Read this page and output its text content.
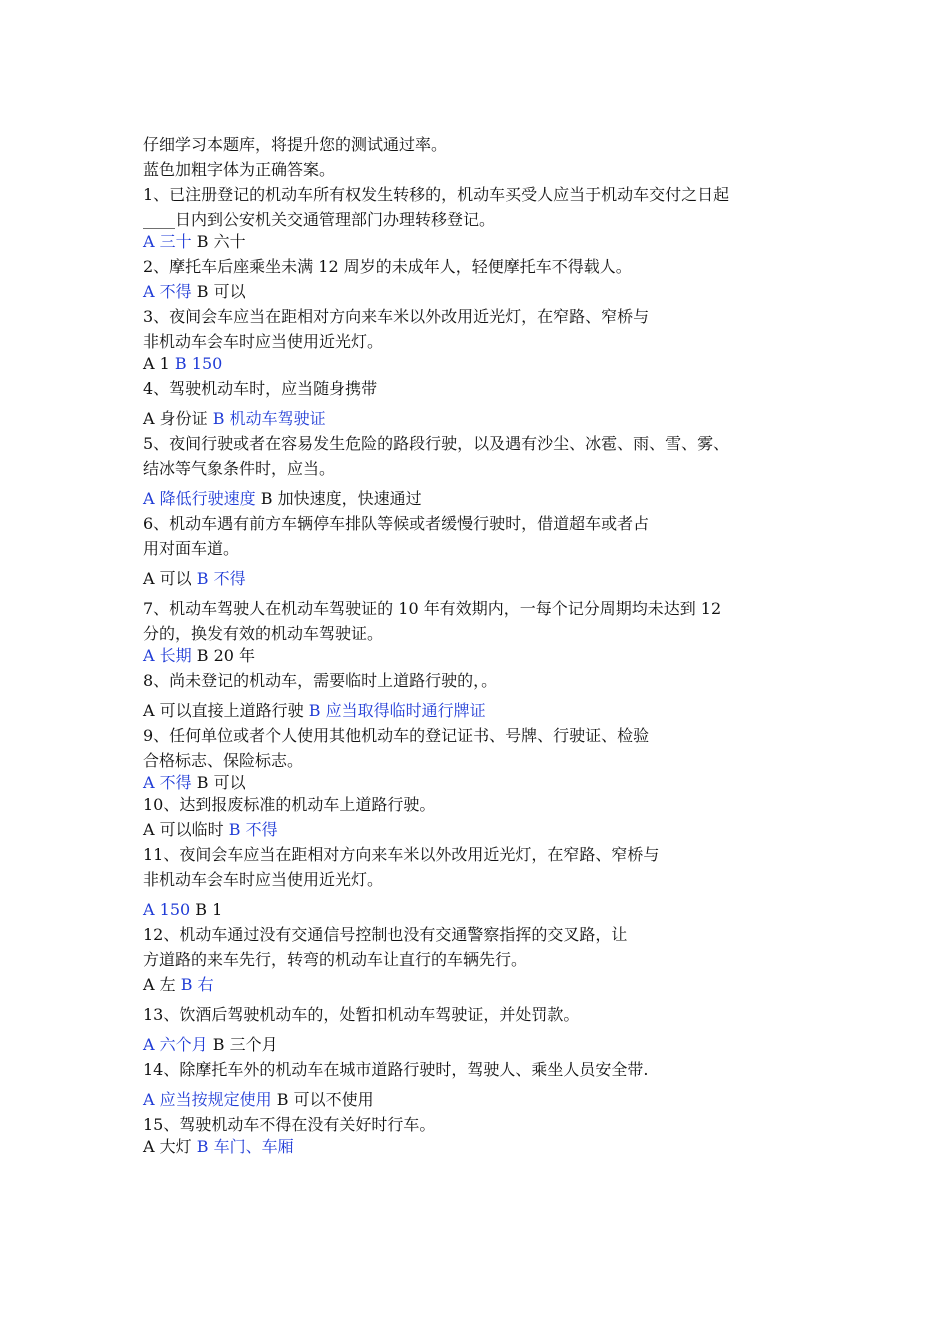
仔细学习本题库，将提升您的测试通过率。
蓝色加粗字体为正确答案。
1、已注册登记的机动车所有权发生转移的，机动车买受人应当于机动车交付之日起
____日内到公安机关交通管理部门办理转移登记。
A 三十 B 六十
2、摩托车后座乘坐未满 12 周岁的未成年人，轻便摩托车不得载人。
A 不得 B 可以
3、夜间会车应当在距相对方向来车米以外改用近光灯，在窄路、窄桥与
非机动车会车时应当使用近光灯。
A 1 B 150
4、驾驶机动车时，应当随身携带
A 身份证 B 机动车驾驶证
5、夜间行驶或者在容易发生危险的路段行驶，以及遇有沙尘、冰雹、雨、雪、雾、
结冰等气象条件时，应当。
A 降低行驶速度 B 加快速度，快速通过
6、机动车遇有前方车辆停车排队等候或者缓慢行驶时，借道超车或者占
用对面车道。
A 可以 B 不得
7、机动车驾驶人在机动车驾驶证的 10 年有效期内，一每个记分周期均未达到 12
分的，换发有效的机动车驾驶证。
A 长期 B 20 年
8、尚未登记的机动车，需要临时上道路行驶的，。
A 可以直接上道路行驶 B 应当取得临时通行牌证
9、任何单位或者个人使用其他机动车的登记证书、号牌、行驶证、检验
合格标志、保险标志。
A 不得 B 可以
10、达到报废标准的机动车上道路行驶。
A 可以临时 B 不得
11、夜间会车应当在距相对方向来车米以外改用近光灯，在窄路、窄桥与
非机动车会车时应当使用近光灯。
A 150 B 1
12、机动车通过没有交通信号控制也没有交通警察指挥的交叉路，让
方道路的来车先行，转弯的机动车让直行的车辆先行。
A 左 B 右
13、饮酒后驾驶机动车的，处暂扣机动车驾驶证，并处罚款。
A 六个月 B 三个月
14、除摩托车外的机动车在城市道路行驶时，驾驶人、乘坐人员安全带.
A 应当按规定使用 B 可以不使用
15、驾驶机动车不得在没有关好时行车。
A 大灯 B 车门、车厢
